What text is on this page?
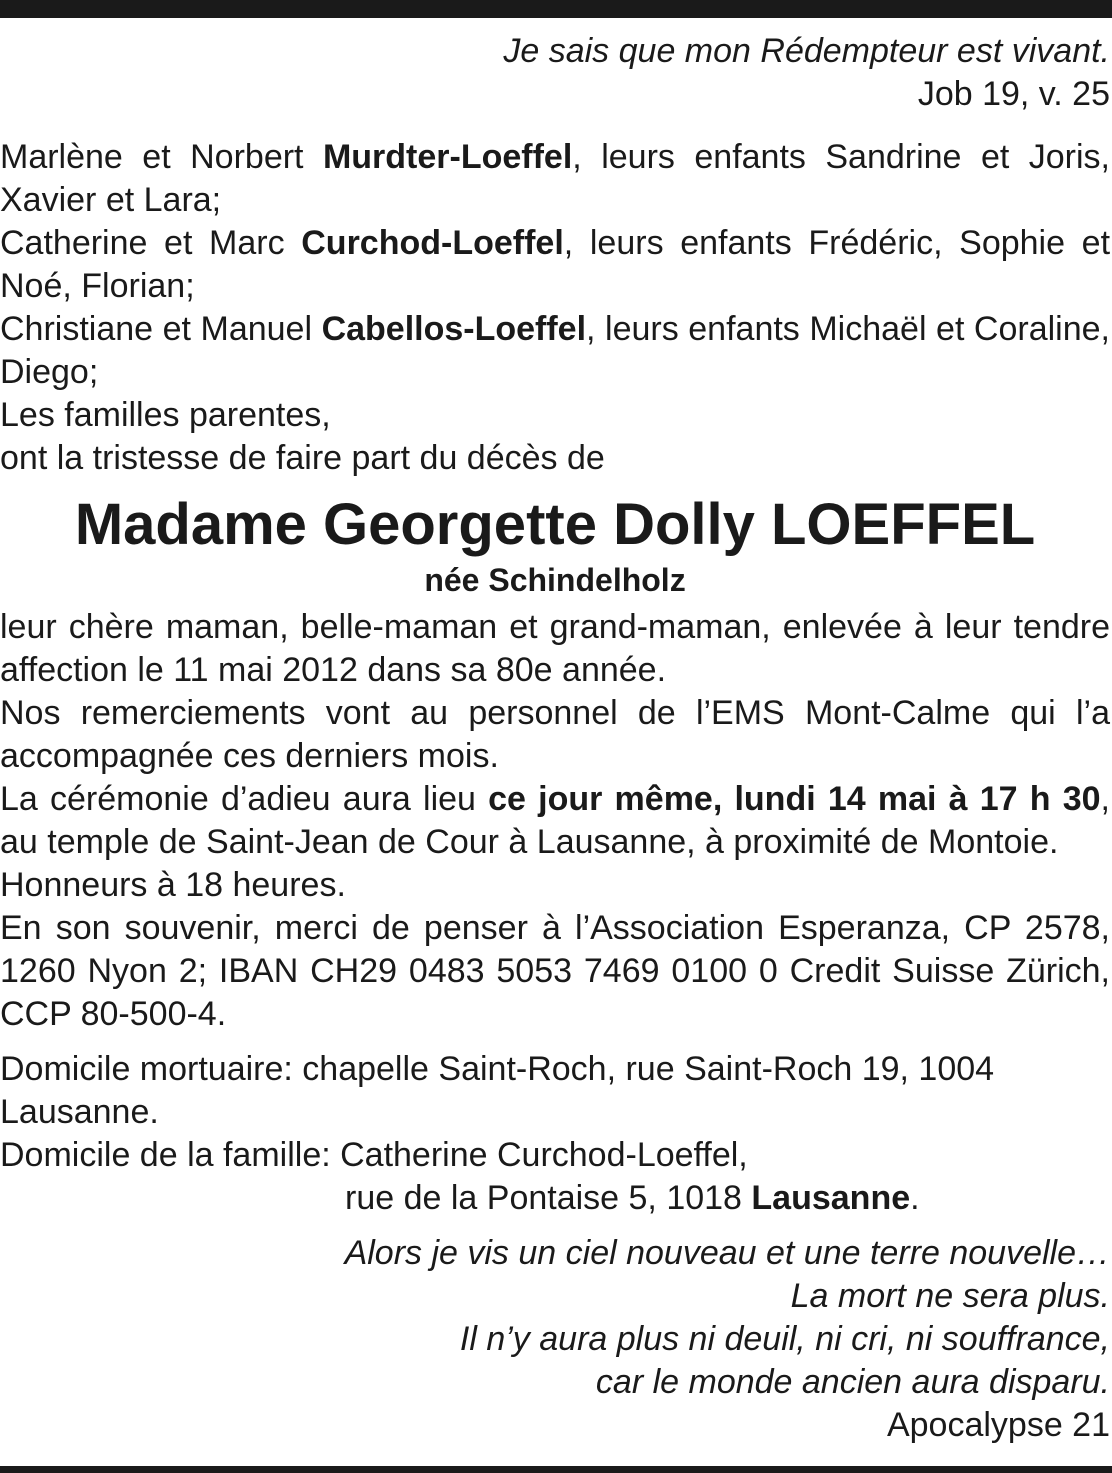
Je sais que mon Rédempteur est vivant.

Job 19, v. 25

Marlène et Norbert Murdter-Loeffel, leurs enfants Sandrine et Joris, Xavier et Lara;

Catherine et Marc Curchod-Loeffel, leurs enfants Frédéric, Sophie et Noé, Florian;

Christiane et Manuel Cabellos-Loeffel, leurs enfants Michaël et Coraline, Diego;

Les familles parentes,

ont la tristesse de faire part du décès de

Madame Georgette Dolly LOEFFEL

née Schindelholz

leur chère maman, belle-maman et grand-maman, enlevée à leur tendre affection le 11 mai 2012 dans sa 80e année.

Nos remerciements vont au personnel de l’EMS Mont-Calme qui l’a accompagnée ces derniers mois.

La cérémonie d’adieu aura lieu ce jour même, lundi 14 mai à 17 h 30, au temple de Saint-Jean de Cour à Lausanne, à proximité de Montoie.

Honneurs à 18 heures.

En son souvenir, merci de penser à l’Association Esperanza, CP 2578, 1260 Nyon 2; IBAN CH29 0483 5053 7469 0100 0 Credit Suisse Zürich, CCP 80-500-4.

Domicile mortuaire: chapelle Saint-Roch, rue Saint-Roch 19, 1004 Lausanne.

Domicile de la famille: Catherine Curchod-Loeffel,

rue de la Pontaise 5, 1018 Lausanne.

Alors je vis un ciel nouveau et une terre nouvelle…

La mort ne sera plus.

Il n’y aura plus ni deuil, ni cri, ni souffrance,

car le monde ancien aura disparu.

Apocalypse 21
